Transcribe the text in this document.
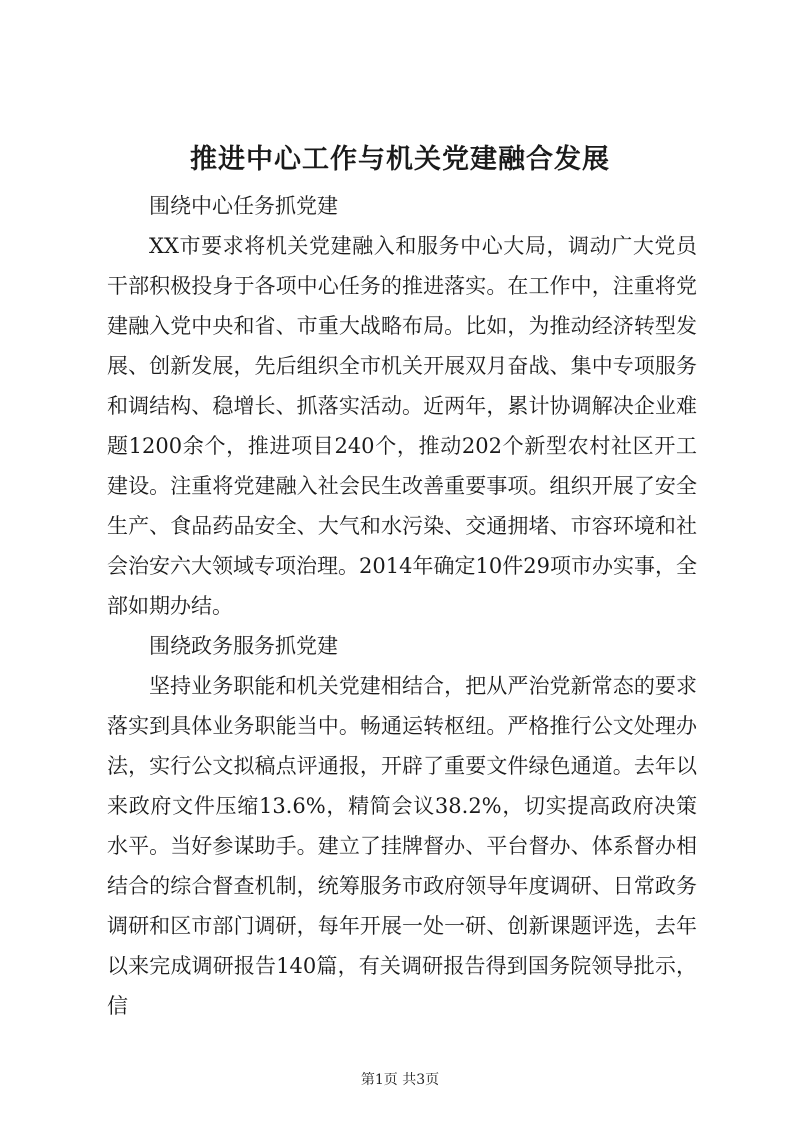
推进中心工作与机关党建融合发展

围绕中心任务抓党建

XX市要求将机关党建融入和服务中心大局，调动广大党员干部积极投身于各项中心任务的推进落实。在工作中，注重将党建融入党中央和省、市重大战略布局。比如，为推动经济转型发展、创新发展，先后组织全市机关开展双月奋战、集中专项服务和调结构、稳增长、抓落实活动。近两年，累计协调解决企业难题1200余个，推进项目240个，推动202个新型农村社区开工建设。注重将党建融入社会民生改善重要事项。组织开展了安全生产、食品药品安全、大气和水污染、交通拥堵、市容环境和社会治安六大领域专项治理。2014年确定10件29项市办实事，全部如期办结。

围绕政务服务抓党建

坚持业务职能和机关党建相结合，把从严治党新常态的要求落实到具体业务职能当中。畅通运转枢纽。严格推行公文处理办法，实行公文拟稿点评通报，开辟了重要文件绿色通道。去年以来政府文件压缩13.6%，精简会议38.2%，切实提高政府决策水平。当好参谋助手。建立了挂牌督办、平台督办、体系督办相结合的综合督查机制，统筹服务市政府领导年度调研、日常政务调研和区市部门调研，每年开展一处一研、创新课题评选，去年以来完成调研报告140篇，有关调研报告得到国务院领导批示，信

第1页 共3页
